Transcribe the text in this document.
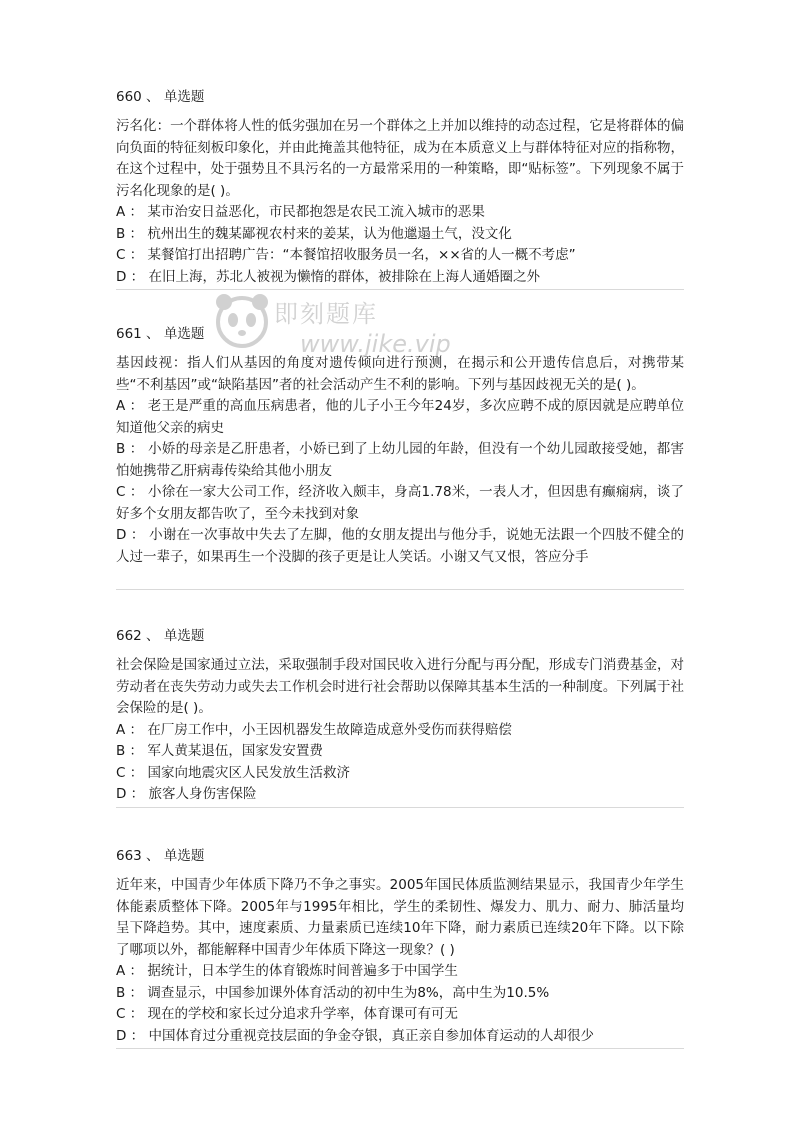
即刻题库
www.jike.vip
660 、 单选题

污名化：一个群体将人性的低劣强加在另一个群体之上并加以维持的动态过程，它是将群体的偏向负面的特征刻板印象化，并由此掩盖其他特征，成为在本质意义上与群体特征对应的指称物，在这个过程中，处于强势且不具污名的一方最常采用的一种策略，即“贴标签”。下列现象不属于污名化现象的是( )。

A ： 某市治安日益恶化，市民都抱怨是农民工流入城市的恶果

B ： 杭州出生的魏某鄙视农村来的姜某，认为他邋遢土气，没文化

C ： 某餐馆打出招聘广告：“本餐馆招收服务员一名，××省的人一概不考虑”

D ： 在旧上海，苏北人被视为懒惰的群体，被排除在上海人通婚圈之外

661 、 单选题

基因歧视：指人们从基因的角度对遗传倾向进行预测，在揭示和公开遗传信息后，对携带某些“不利基因”或“缺陷基因”者的社会活动产生不利的影响。下列与基因歧视无关的是( )。

A ： 老王是严重的高血压病患者，他的儿子小王今年24岁，多次应聘不成的原因就是应聘单位知道他父亲的病史

B ： 小娇的母亲是乙肝患者，小娇已到了上幼儿园的年龄，但没有一个幼儿园敢接受她，都害怕她携带乙肝病毒传染给其他小朋友

C ： 小徐在一家大公司工作，经济收入颇丰，身高1.78米，一表人才，但因患有癫痫病，谈了好多个女朋友都告吹了，至今未找到对象

D ： 小谢在一次事故中失去了左脚，他的女朋友提出与他分手，说她无法跟一个四肢不健全的人过一辈子，如果再生一个没脚的孩子更是让人笑话。小谢又气又恨，答应分手

662 、 单选题

社会保险是国家通过立法，采取强制手段对国民收入进行分配与再分配，形成专门消费基金，对劳动者在丧失劳动力或失去工作机会时进行社会帮助以保障其基本生活的一种制度。下列属于社会保险的是( )。

A ： 在厂房工作中，小王因机器发生故障造成意外受伤而获得赔偿

B ： 军人黄某退伍，国家发安置费

C ： 国家向地震灾区人民发放生活救济

D ： 旅客人身伤害保险

663 、 单选题

近年来，中国青少年体质下降乃不争之事实。2005年国民体质监测结果显示，我国青少年学生体能素质整体下降。2005年与1995年相比，学生的柔韧性、爆发力、肌力、耐力、肺活量均呈下降趋势。其中，速度素质、力量素质已连续10年下降，耐力素质已连续20年下降。以下除了哪项以外，都能解释中国青少年体质下降这一现象？( )

A ： 据统计，日本学生的体育锻炼时间普遍多于中国学生

B ： 调查显示，中国参加课外体育活动的初中生为8%，高中生为10.5%

C ： 现在的学校和家长过分追求升学率，体育课可有可无

D ： 中国体育过分重视竞技层面的争金夺银，真正亲自参加体育运动的人却很少
